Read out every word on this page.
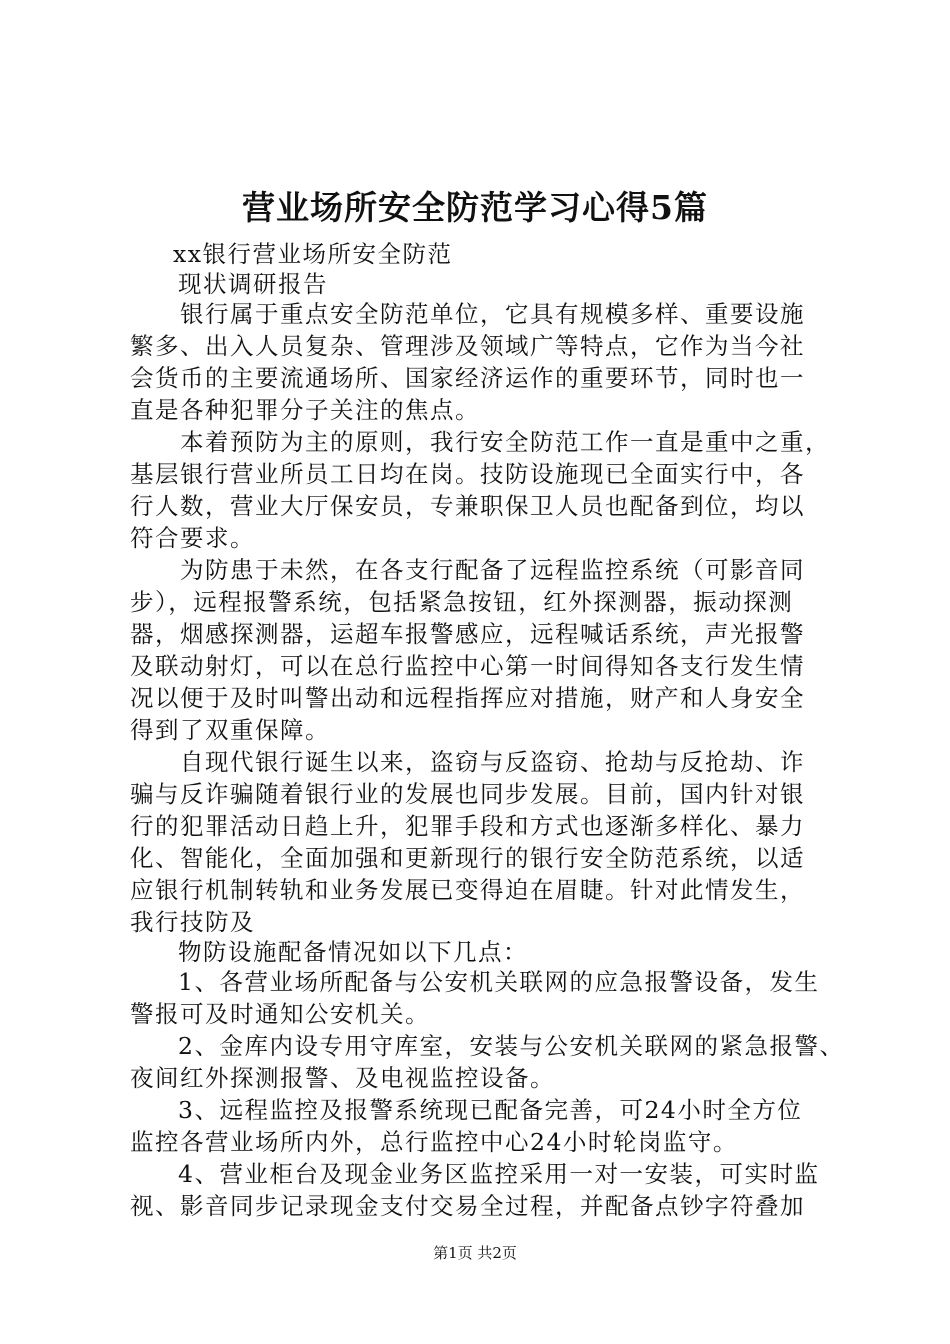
营业场所安全防范学习心得5篇
xx银行营业场所安全防范
现状调研报告
银行属于重点安全防范单位，它具有规模多样、重要设施
繁多、出入人员复杂、管理涉及领域广等特点，它作为当今社
会货币的主要流通场所、国家经济运作的重要环节，同时也一
直是各种犯罪分子关注的焦点。
本着预防为主的原则，我行安全防范工作一直是重中之重，
基层银行营业所员工日均在岗。技防设施现已全面实行中，各
行人数，营业大厅保安员，专兼职保卫人员也配备到位，均以
符合要求。
为防患于未然，在各支行配备了远程监控系统（可影音同
步），远程报警系统，包括紧急按钮，红外探测器，振动探测
器，烟感探测器，运超车报警感应，远程喊话系统，声光报警
及联动射灯，可以在总行监控中心第一时间得知各支行发生情
况以便于及时叫警出动和远程指挥应对措施，财产和人身安全
得到了双重保障。
自现代银行诞生以来，盗窃与反盗窃、抢劫与反抢劫、诈
骗与反诈骗随着银行业的发展也同步发展。目前，国内针对银
行的犯罪活动日趋上升，犯罪手段和方式也逐渐多样化、暴力
化、智能化，全面加强和更新现行的银行安全防范系统，以适
应银行机制转轨和业务发展已变得迫在眉睫。针对此情发生，
我行技防及
物防设施配备情况如以下几点：
1、各营业场所配备与公安机关联网的应急报警设备，发生
警报可及时通知公安机关。
2、金库内设专用守库室，安装与公安机关联网的紧急报警、
夜间红外探测报警、及电视监控设备。
3、远程监控及报警系统现已配备完善，可24小时全方位
监控各营业场所内外，总行监控中心24小时轮岗监守。
4、营业柜台及现金业务区监控采用一对一安装，可实时监
视、影音同步记录现金支付交易全过程，并配备点钞字符叠加
第1页 共2页
